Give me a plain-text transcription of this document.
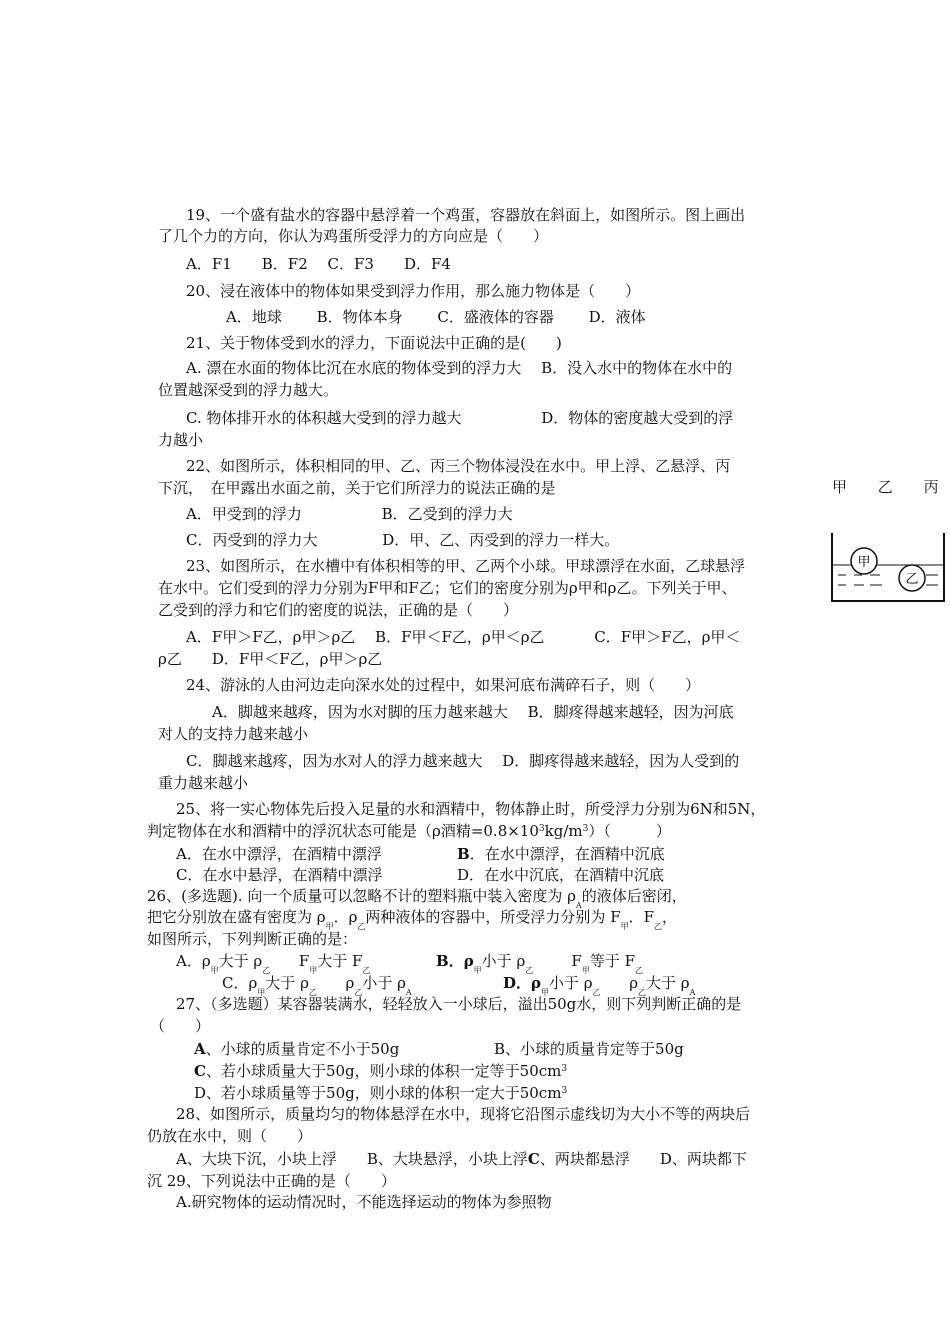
19、一个盛有盐水的容器中悬浮着一个鸡蛋，容器放在斜面上，如图所示。图上画出
了几个力的方向，你认为鸡蛋所受浮力的方向应是（　　）
A．F1　　B．F2　 C．F3　　D．F4
20、浸在液体中的物体如果受到浮力作用，那么施力物体是（　　）
A．地球　　 B．物体本身　　 C．盛液体的容器　　 D．液体
21、关于物体受到水的浮力，下面说法中正确的是(　　)
A. 漂在水面的物体比沉在水底的物体受到的浮力大　 B．没入水中的物体在水中的
位置越深受到的浮力越大。
C. 物体排开水的体积越大受到的浮力越大　　　　　 D．物体的密度越大受到的浮
力越小
22、如图所示，体积相同的甲、乙、丙三个物体浸没在水中。甲上浮、乙悬浮、丙
下沉，　在甲露出水面之前，关于它们所浮力的说法正确的是
A．甲受到的浮力　　　　　 B．乙受到的浮力大
C．丙受到的浮力大　　　　 D．甲、乙、丙受到的浮力一样大。
甲 乙 丙
甲
乙
23、如图所示，在水槽中有体积相等的甲、乙两个小球。甲球漂浮在水面，乙球悬浮
在水中。它们受到的浮力分别为F甲和F乙；它们的密度分别为ρ甲和ρ乙。下列关于甲、
乙受到的浮力和它们的密度的说法，正确的是（　　）
A．F甲＞F乙，ρ甲＞ρ乙　 B．F甲＜F乙，ρ甲＜ρ乙　　　 C．F甲＞F乙，ρ甲＜
ρ乙　　D．F甲＜F乙，ρ甲＞ρ乙
24、游泳的人由河边走向深水处的过程中，如果河底布满碎石子，则（　　）
A．脚越来越疼，因为水对脚的压力越来越大　 B．脚疼得越来越轻，因为河底
对人的支持力越来越小
C．脚越来越疼，因为水对人的浮力越来越大　 D．脚疼得越来越轻，因为人受到的
重力越来越小
25、将一实心物体先后投入足量的水和酒精中，物体静止时，所受浮力分别为6N和5N，
判定物体在水和酒精中的浮沉状态可能是（ρ酒精$=0.8\times 10^3kg/m^3$）（　　　）
A．在水中漂浮，在酒精中漂浮	B．在水中漂浮，在酒精中沉底
C．在水中悬浮，在酒精中漂浮	D．在水中沉底，在酒精中沉底
26、(多选题). 向一个质量可以忽略不计的塑料瓶中装入密度为 $\rho_A$的液体后密闭，
把它分别放在盛有密度为 $\rho_甲$．$\rho_乙$两种液体的容器中，所受浮力分别为 $F_甲$．$F_乙$，
如图所示，下列判断正确的是：
A．$\rho_甲$大于 $\rho_乙$      $F_甲$大于 $F_乙$
B．$\rho_甲$小于 $\rho_乙$        $F_甲$等于 $F_乙$
C．$\rho_甲$大于 $\rho_乙$      $\rho_乙$小于 $\rho_A$
D．$\rho_甲$小于 $\rho_乙$      $\rho_乙$大于 $\rho_A$
27、（多选题）某容器装满水，轻轻放入一小球后，溢出50g水，则下列判断正确的是
（　　）
A、小球的质量肯定不小于50g	B、小球的质量肯定等于50g
C、若小球质量大于50g，则小球的体积一定等于$50cm^3$
D、若小球质量等于50g，则小球的体积一定大于$50cm^3$
28、如图所示，质量均匀的物体悬浮在水中，现将它沿图示虚线切为大小不等的两块后
仍放在水中，则（　　）
A、大块下沉，小块上浮　　B、大块悬浮，小块上浮C、两块都悬浮　　D、两块都下
沉 29、下列说法中正确的是（　　）
A.研究物体的运动情况时，不能选择运动的物体为参照物
